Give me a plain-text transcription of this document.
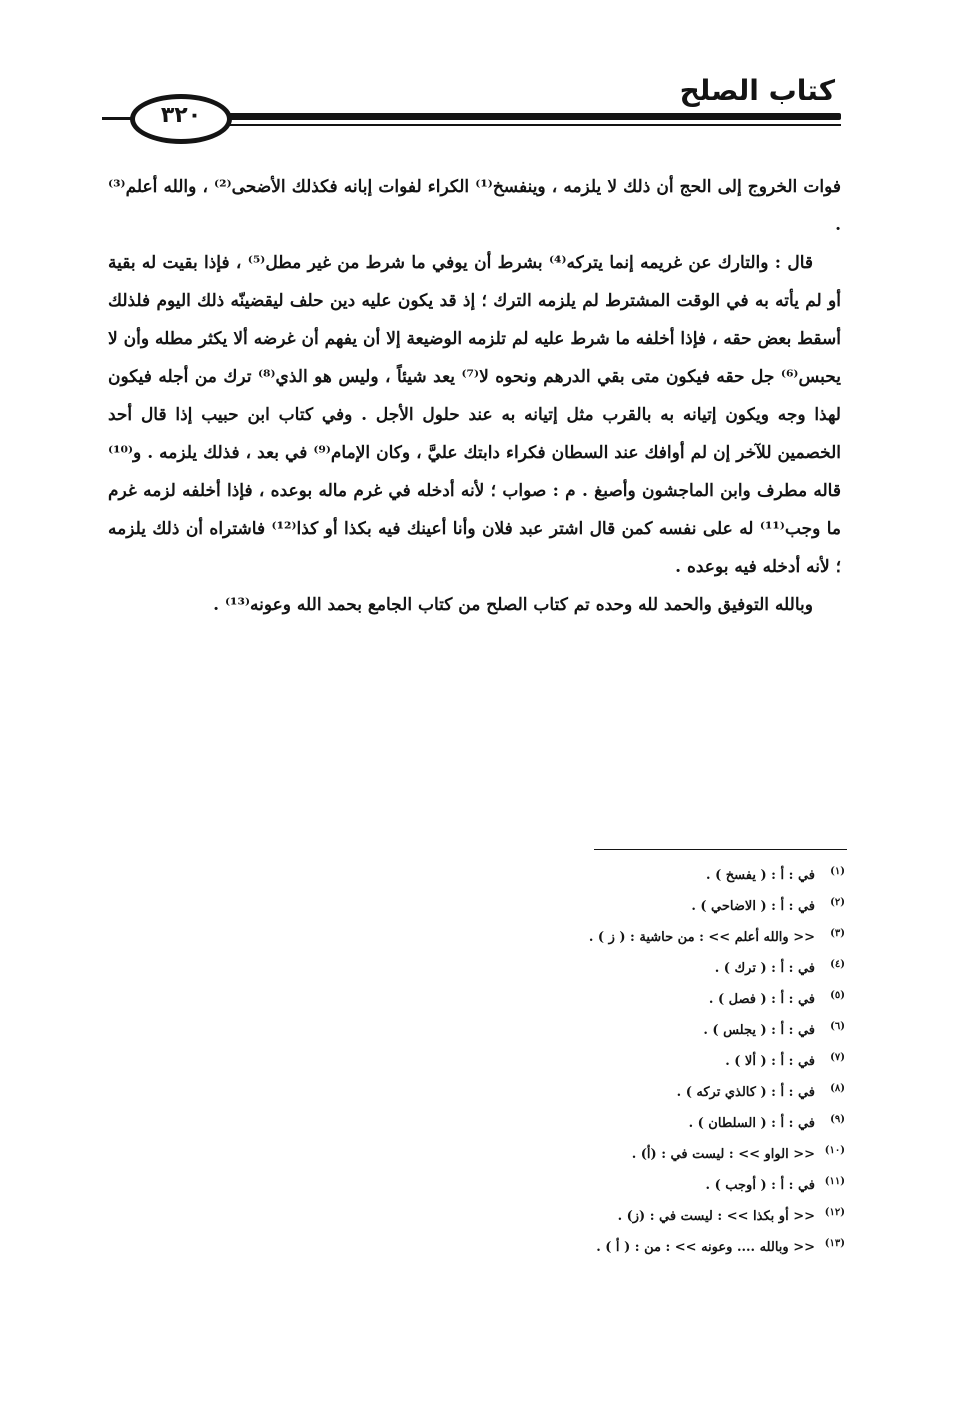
كتاب الصلح
٣٢٠

فوات الخروج إلى الحج أن ذلك لا يلزمه ، وينفسخ⁽¹⁾ الكراء لفوات إبانه فكذلك الأضحى⁽²⁾ ، والله أعلم⁽³⁾ .

قال : والتارك عن غريمه إنما يتركه⁽⁴⁾ بشرط أن يوفي ما شرط من غير مطل⁽⁵⁾ ، فإذا بقيت له بقية أو لم يأته به في الوقت المشترط لم يلزمه الترك ؛ إذ قد يكون عليه دين حلف ليقضينّه ذلك اليوم فلذلك أسقط بعض حقه ، فإذا أخلفه ما شرط عليه لم تلزمه الوضيعة إلا أن يفهم أن غرضه ألا يكثر مطله وأن لا يحبس⁽⁶⁾ جل حقه فيكون متى بقي الدرهم ونحوه لا⁽⁷⁾ يعد شيئاً ، وليس هو الذي⁽⁸⁾ ترك من أجله فيكون لهذا وجه ويكون إتيانه به بالقرب مثل إتيانه به عند حلول الأجل . وفي كتاب ابن حبيب إذا قال أحد الخصمين للآخر إن لم أوافك عند السطان فكراء دابتك عليَّ ، وكان الإمام⁽⁹⁾ في بعد ، فذلك يلزمه . و⁽¹⁰⁾ قاله مطرف وابن الماجشون وأصبغ . م : صواب ؛ لأنه أدخله في غرم ماله بوعده ، فإذا أخلفه لزمه غرم ما وجب⁽¹¹⁾ له على نفسه كمن قال اشتر عبد فلان وأنا أعينك فيه بكذا أو كذا⁽¹²⁾ فاشتراه أن ذلك يلزمه ؛ لأنه أدخله فيه بوعده .

وبالله التوفيق والحمد لله وحده تم كتاب الصلح من كتاب الجامع بحمد الله وعونه⁽¹³⁾ .

(١)في : أ : ( يفسخ ) .
(٢)في : أ : ( الاضاحي ) .
(٣)<< والله أعلم >> : من حاشية : ( ز ) .
(٤)في : أ : ( ترك ) .
(٥)في : أ : ( فصل ) .
(٦)في : أ : ( يجلس ) .
(٧)في : أ : ( ألا ) .
(٨)في : أ : ( كالذي تركه ) .
(٩)في : أ : ( السلطان ) .
(١٠)<< الواو >> : ليست في : (أ) .
(١١)في : أ : ( أوجب ) .
(١٢)<< أو بكذا >> : ليست في : (ز) .
(١٣)<< وبالله .... وعونه >> : من : ( أ ) .
